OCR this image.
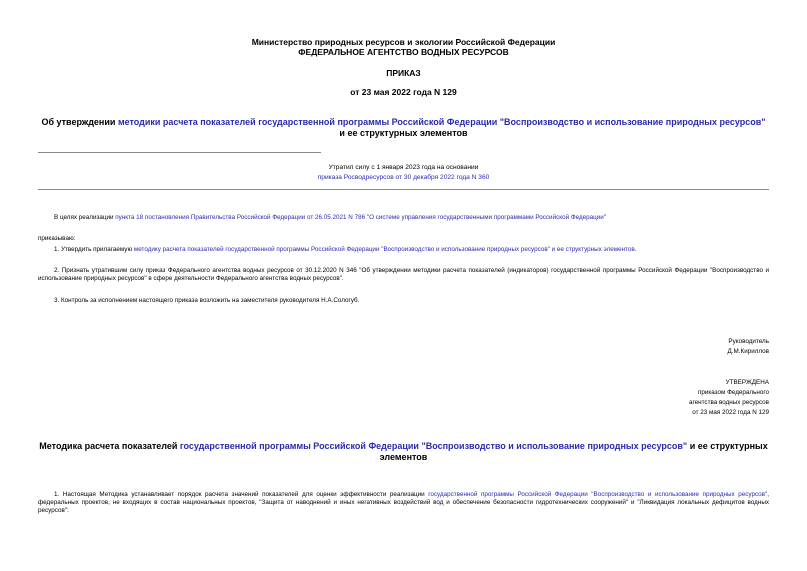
Министерство природных ресурсов и экологии Российской Федерации
ФЕДЕРАЛЬНОЕ АГЕНТСТВО ВОДНЫХ РЕСУРСОВ
ПРИКАЗ
от 23 мая 2022 года N 129
Об утверждении методики расчета показателей государственной программы Российской Федерации "Воспроизводство и использование природных ресурсов" и ее структурных элементов
Утратил силу с 1 января 2023 года на основании
приказа Росводресурсов от 30 декабря 2022 года N 360
В целях реализации пункта 18 постановления Правительства Российской Федерации от 26.05.2021 N 786 "О системе управления государственными программами Российской Федерации"
приказываю:
1. Утвердить прилагаемую методику расчета показателей государственной программы Российской Федерации "Воспроизводство и использование природных ресурсов" и ее структурных элементов.
2. Признать утратившим силу приказ Федерального агентства водных ресурсов от 30.12.2020 N 346 "Об утверждении методики расчета показателей (индикаторов) государственной программы Российской Федерации "Воспроизводство и использование природных ресурсов" в сфере деятельности Федерального агентства водных ресурсов".
3. Контроль за исполнением настоящего приказа возложить на заместителя руководителя Н.А.Сологуб.
Руководитель
Д.М.Кириллов
УТВЕРЖДЕНА
приказом Федерального
агентства водных ресурсов
от 23 мая 2022 года N 129
Методика расчета показателей государственной программы Российской Федерации "Воспроизводство и использование природных ресурсов" и ее структурных элементов
1. Настоящая Методика устанавливает порядок расчета значений показателей для оценки эффективности реализации государственной программы Российской Федерации "Воспроизводство и использование природных ресурсов", федеральных проектов, не входящих в состав национальных проектов, "Защита от наводнений и иных негативных воздействий вод и обеспечение безопасности гидротехнических сооружений" и "Ликвидация локальных дефицитов водных ресурсов":
